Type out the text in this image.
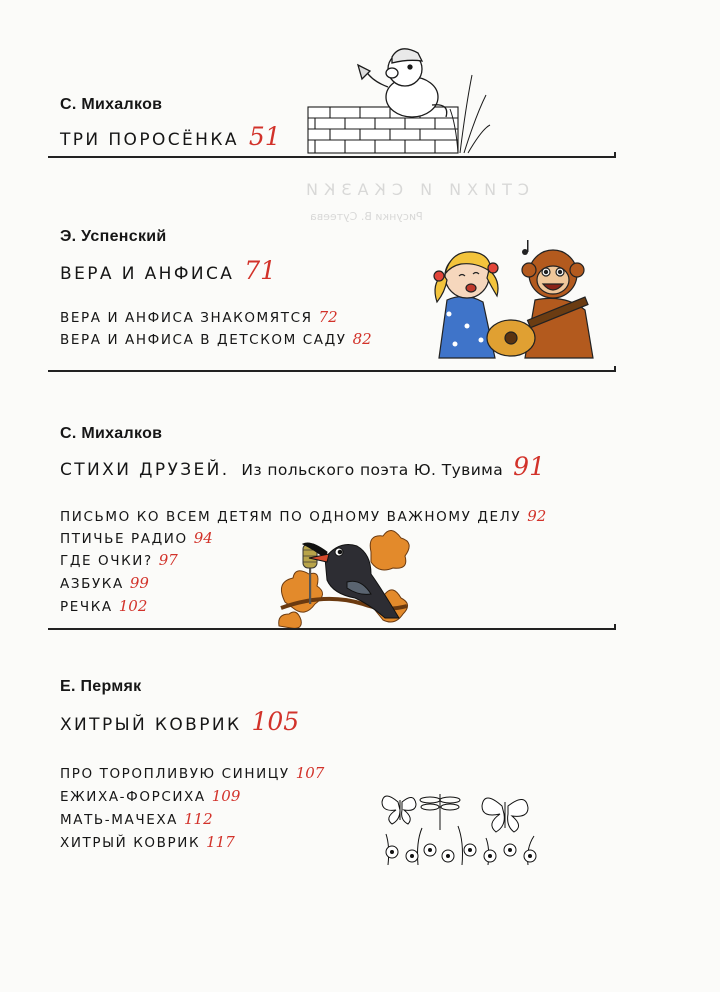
СТИХИ И СКАЗКИ
Рисунки В. Сутеева
С. Михалков
ТРИ ПОРОСЁНКА 51
Э. Успенский
ВЕРА И АНФИСА 71
ВЕРА И АНФИСА ЗНАКОМЯТСЯ 72
ВЕРА И АНФИСА В ДЕТСКОМ САДУ 82
С. Михалков
СТИХИ ДРУЗЕЙ. Из польского поэта Ю. Тувима 91
ПИСЬМО КО ВСЕМ ДЕТЯМ ПО ОДНОМУ ВАЖНОМУ ДЕЛУ 92
ПТИЧЬЕ РАДИО 94
ГДЕ ОЧКИ? 97
АЗБУКА 99
РЕЧКА 102
Е. Пермяк
ХИТРЫЙ КОВРИК 105
ПРО ТОРОПЛИВУЮ СИНИЦУ 107
ЕЖИХА-ФОРСИХА 109
МАТЬ-МАЧЕХА 112
ХИТРЫЙ КОВРИК 117
